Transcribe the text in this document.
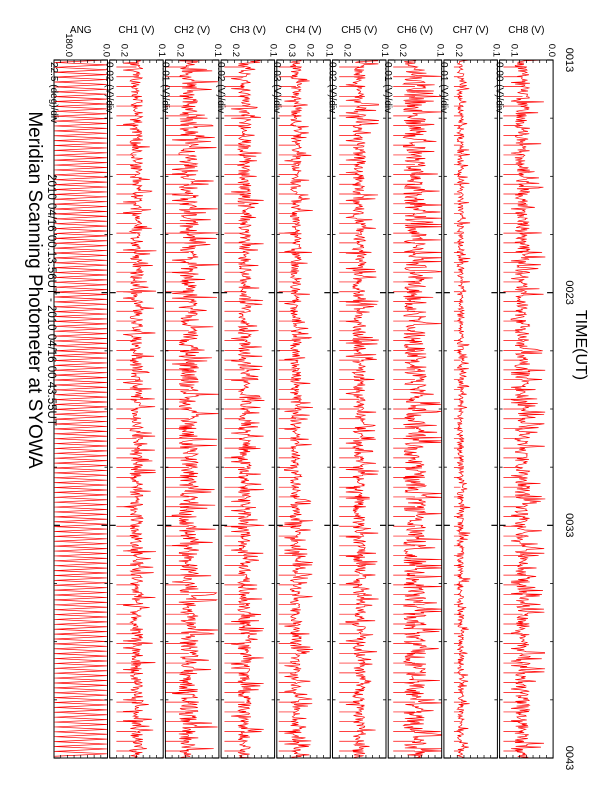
Meridian Scanning Photometer at SYOWA 2010 04/16 00:13:56UT - 2010 04/16 00:43:55UT	TIME(UT)
22.5 (deg)/div
180.0	0.0
ANG
0.02 (V)/div
0.2	0.1
CH1 (V)
0.01 (V)/div
0.2	0.1
CH2 (V)
0.02 (V)/div
0.2	0.1
CH3 (V)
0.03 (V)/div
0.3 0.2 0.1
CH4 (V)
0.02 (V)/div
0.2	0.1
CH5 (V)
0.01 (V)/div
0.2	0.1
CH6 (V)
0.01 (V)/div
0.2	0.1
CH7 (V)
0.00 (V)/div
0.1	0.0
CH8 (V)
0013
0023
0033
0043
